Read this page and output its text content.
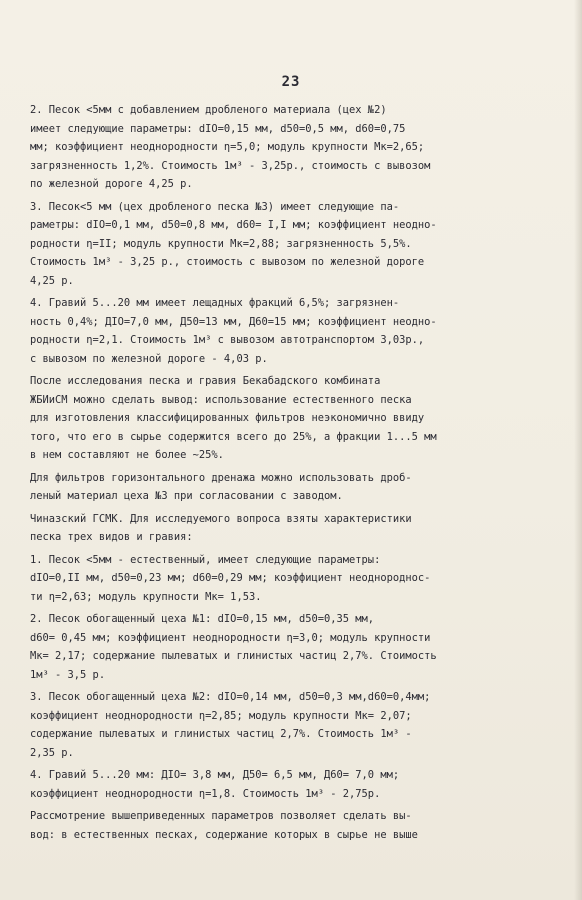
23
2. Песок <5мм с добавлением дробленого материала (цех №2)
имеет следующие параметры: dIO=0,15 мм, d50=0,5 мм, d60=0,75
мм; коэффициент неоднородности η=5,0; модуль крупности Мк=2,65;
загрязненность 1,2%. Стоимость 1м³ - 3,25р., стоимость с вывозом
по железной дороге 4,25 р.
3. Песок<5 мм (цех дробленого песка №3) имеет следующие па-
раметры: dIO=0,1 мм, d50=0,8 мм, d60= I,I мм; коэффициент неодно-
родности η=II; модуль крупности Мк=2,88; загрязненность 5,5%.
Стоимость 1м³ - 3,25 р., стоимость с вывозом по железной дороге
4,25 р.
4. Гравий 5...20 мм имеет лещадных фракций 6,5%; загрязнен-
ность 0,4%; ДIO=7,0 мм, Д50=13 мм, Д60=15 мм; коэффициент неодно-
родности η=2,1. Стоимость 1м³ с вывозом автотранспортом 3,03р.,
с вывозом по железной дороге - 4,03 р.
После исследования песка и гравия Бекабадского комбината
ЖБИиСМ можно сделать вывод: использование естественного песка
для изготовления классифицированных фильтров неэкономично ввиду
того, что его в сырье содержится всего до 25%, а фракции 1...5 мм
в нем составляют не более ~25%.
Для фильтров горизонтального дренажа можно использовать дроб-
леный материал цеха №3 при согласовании с заводом.
Чиназский ГСМК. Для исследуемого вопроса взяты характеристики
песка трех видов и гравия:
1. Песок <5мм - естественный, имеет следующие параметры:
dIO=0,II мм, d50=0,23 мм; d60=0,29 мм; коэффициент неоднороднос-
ти η=2,63; модуль крупности Мк= 1,53.
2. Песок обогащенный цеха №1: dIO=0,15 мм, d50=0,35 мм,
d60= 0,45 мм; коэффициент неоднородности η=3,0; модуль крупности
Мк= 2,17; содержание пылеватых и глинистых частиц 2,7%. Стоимость
1м³ - 3,5 р.
3. Песок обогащенный цеха №2: dIO=0,14 мм, d50=0,3 мм,d60=0,4мм;
коэффициент неоднородности η=2,85; модуль крупности Мк= 2,07;
содержание пылеватых и глинистых частиц 2,7%. Стоимость 1м³ -
2,35 р.
4. Гравий 5...20 мм: ДIO= 3,8 мм, Д50= 6,5 мм, Д60= 7,0 мм;
коэффициент неоднородности η=1,8. Стоимость 1м³ - 2,75р.
Рассмотрение вышеприведенных параметров позволяет сделать вы-
вод: в естественных песках, содержание которых в сырье не выше
